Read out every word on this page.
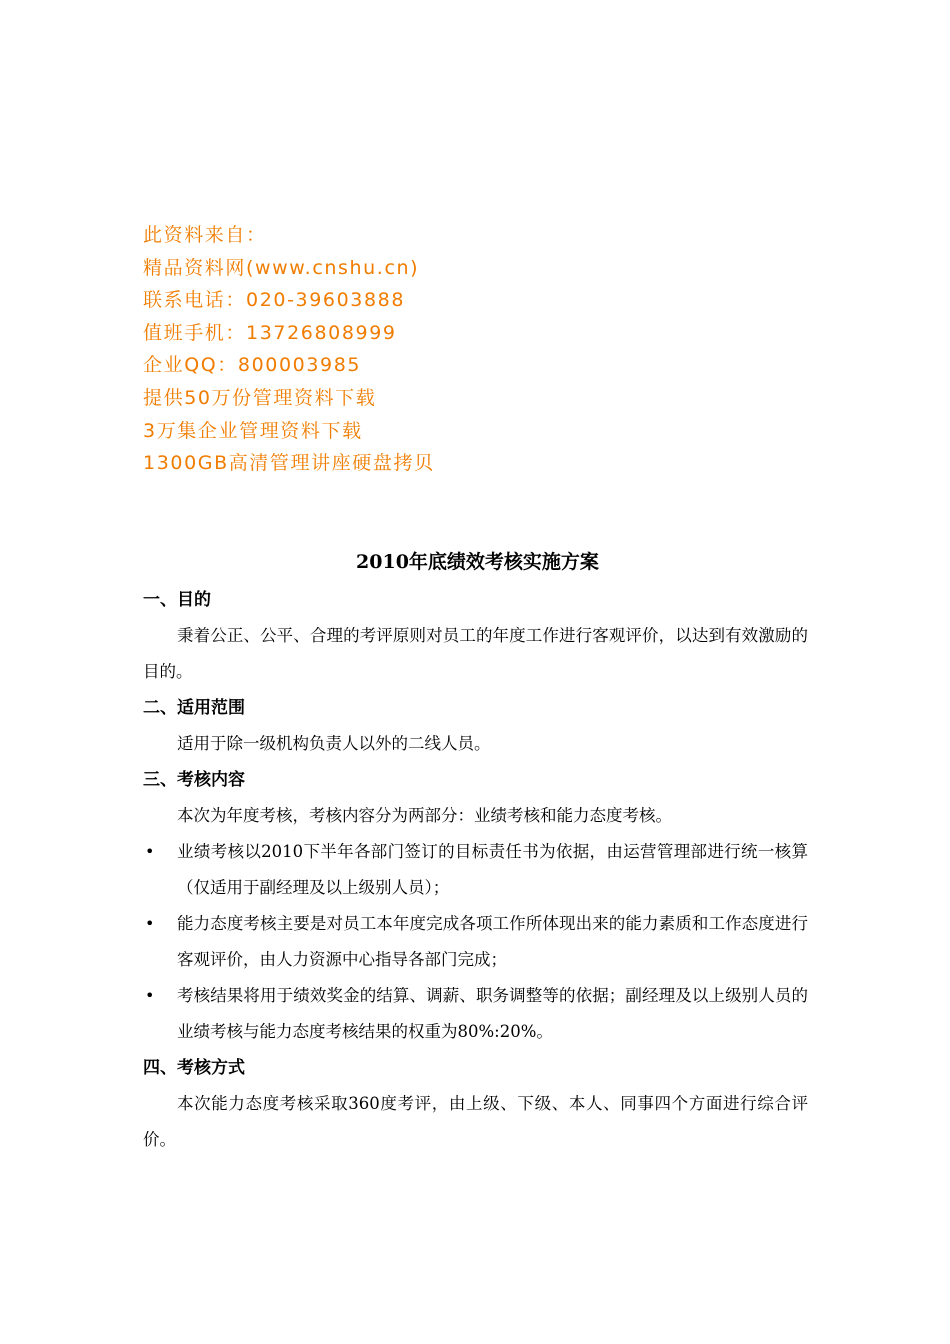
此资料来自：
精品资料网(www.cnshu.cn)
联系电话：020-39603888
值班手机：13726808999
企业QQ：800003985
提供50万份管理资料下载
3万集企业管理资料下载
1300GB高清管理讲座硬盘拷贝
2010年底绩效考核实施方案
一、目的

秉着公正、公平、合理的考评原则对员工的年度工作进行客观评价，以达到有效激励的目的。

二、适用范围

适用于除一级机构负责人以外的二线人员。

三、考核内容

本次为年度考核，考核内容分为两部分：业绩考核和能力态度考核。

•	业绩考核以2010下半年各部门签订的目标责任书为依据，由运营管理部进行统一核算（仅适用于副经理及以上级别人员）；
•	能力态度考核主要是对员工本年度完成各项工作所体现出来的能力素质和工作态度进行客观评价，由人力资源中心指导各部门完成；
•	考核结果将用于绩效奖金的结算、调薪、职务调整等的依据；副经理及以上级别人员的业绩考核与能力态度考核结果的权重为80%:20%。
四、考核方式

本次能力态度考核采取360度考评，由上级、下级、本人、同事四个方面进行综合评价。
